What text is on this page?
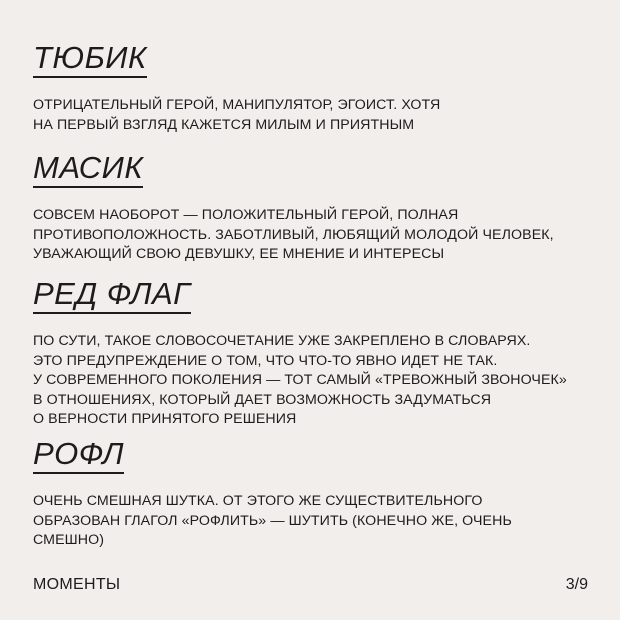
ТЮБИК
ОТРИЦАТЕЛЬНЫЙ ГЕРОЙ, МАНИПУЛЯТОР, ЭГОИСТ. ХОТЯ
НА ПЕРВЫЙ ВЗГЛЯД КАЖЕТСЯ МИЛЫМ И ПРИЯТНЫМ
МАСИК
СОВСЕМ НАОБОРОТ — ПОЛОЖИТЕЛЬНЫЙ ГЕРОЙ, ПОЛНАЯ
ПРОТИВОПОЛОЖНОСТЬ. ЗАБОТЛИВЫЙ, ЛЮБЯЩИЙ МОЛОДОЙ ЧЕЛОВЕК,
УВАЖАЮЩИЙ СВОЮ ДЕВУШКУ, ЕЕ МНЕНИЕ И ИНТЕРЕСЫ
РЕД ФЛАГ
ПО СУТИ, ТАКОЕ СЛОВОСОЧЕТАНИЕ УЖЕ ЗАКРЕПЛЕНО В СЛОВАРЯХ.
ЭТО ПРЕДУПРЕЖДЕНИЕ О ТОМ, ЧТО ЧТО-ТО ЯВНО ИДЕТ НЕ ТАК.
У СОВРЕМЕННОГО ПОКОЛЕНИЯ — ТОТ САМЫЙ «ТРЕВОЖНЫЙ ЗВОНОЧЕК»
В ОТНОШЕНИЯХ, КОТОРЫЙ ДАЕТ ВОЗМОЖНОСТЬ ЗАДУМАТЬСЯ
О ВЕРНОСТИ ПРИНЯТОГО РЕШЕНИЯ
РОФЛ
ОЧЕНЬ СМЕШНАЯ ШУТКА. ОТ ЭТОГО ЖЕ СУЩЕСТВИТЕЛЬНОГО
ОБРАЗОВАН ГЛАГОЛ «РОФЛИТЬ» — ШУТИТЬ (КОНЕЧНО ЖЕ, ОЧЕНЬ
СМЕШНО)
МОМЕНТЫ	3/9
